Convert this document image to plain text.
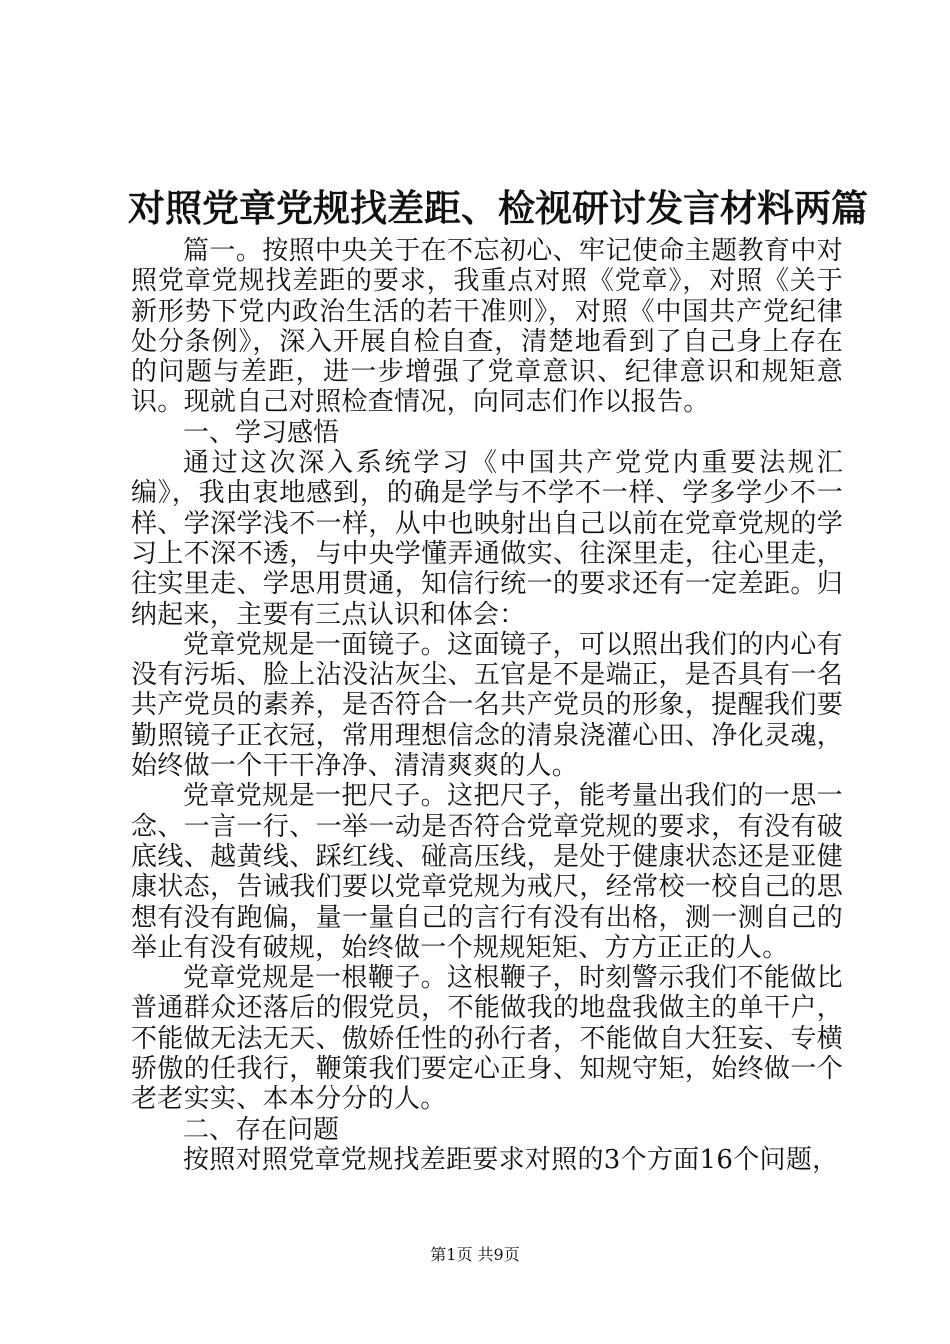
对照党章党规找差距、检视研讨发言材料两篇

篇一。按照中央关于在不忘初心、牢记使命主题教育中对照党章党规找差距的要求，我重点对照《党章》，对照《关于新形势下党内政治生活的若干准则》，对照《中国共产党纪律处分条例》，深入开展自检自查，清楚地看到了自己身上存在的问题与差距，进一步增强了党章意识、纪律意识和规矩意识。现就自己对照检查情况，向同志们作以报告。

一、学习感悟

通过这次深入系统学习《中国共产党党内重要法规汇编》，我由衷地感到，的确是学与不学不一样、学多学少不一样、学深学浅不一样，从中也映射出自己以前在党章党规的学习上不深不透，与中央学懂弄通做实、往深里走，往心里走，往实里走、学思用贯通，知信行统一的要求还有一定差距。归纳起来，主要有三点认识和体会：

党章党规是一面镜子。这面镜子，可以照出我们的内心有没有污垢、脸上沾没沾灰尘、五官是不是端正，是否具有一名共产党员的素养，是否符合一名共产党员的形象，提醒我们要勤照镜子正衣冠，常用理想信念的清泉浇灌心田、净化灵魂，始终做一个干干净净、清清爽爽的人。

党章党规是一把尺子。这把尺子，能考量出我们的一思一念、一言一行、一举一动是否符合党章党规的要求，有没有破底线、越黄线、踩红线、碰高压线，是处于健康状态还是亚健康状态，告诫我们要以党章党规为戒尺，经常校一校自己的思想有没有跑偏，量一量自己的言行有没有出格，测一测自己的举止有没有破规，始终做一个规规矩矩、方方正正的人。

党章党规是一根鞭子。这根鞭子，时刻警示我们不能做比普通群众还落后的假党员，不能做我的地盘我做主的单干户，不能做无法无天、傲娇任性的孙行者，不能做自大狂妄、专横骄傲的任我行，鞭策我们要定心正身、知规守矩，始终做一个老老实实、本本分分的人。

二、存在问题

按照对照党章党规找差距要求对照的3个方面16个问题，

第1页 共9页
